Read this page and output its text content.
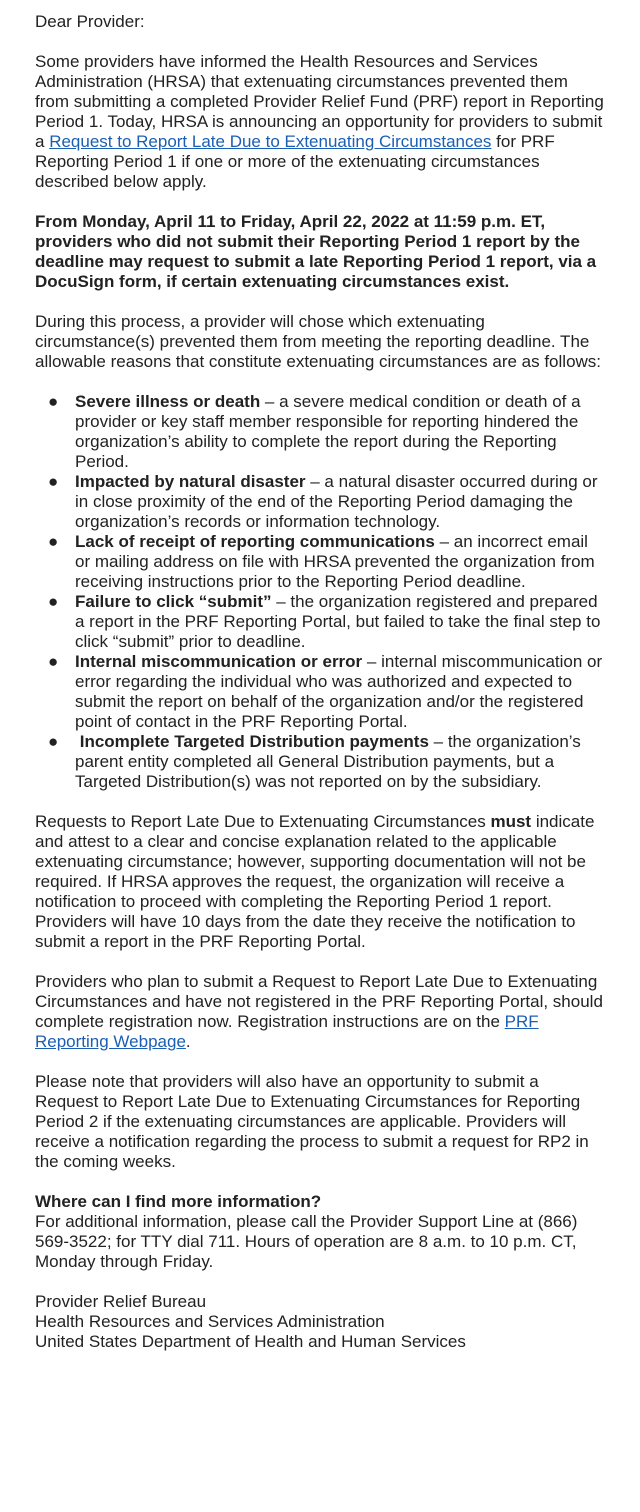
Dear Provider:

Some providers have informed the Health Resources and Services Administration (HRSA) that extenuating circumstances prevented them from submitting a completed Provider Relief Fund (PRF) report in Reporting Period 1. Today, HRSA is announcing an opportunity for providers to submit a Request to Report Late Due to Extenuating Circumstances for PRF Reporting Period 1 if one or more of the extenuating circumstances described below apply.

From Monday, April 11 to Friday, April 22, 2022 at 11:59 p.m. ET, providers who did not submit their Reporting Period 1 report by the deadline may request to submit a late Reporting Period 1 report, via a DocuSign form, if certain extenuating circumstances exist.

During this process, a provider will chose which extenuating circumstance(s) prevented them from meeting the reporting deadline. The allowable reasons that constitute extenuating circumstances are as follows:

● Severe illness or death – a severe medical condition or death of a provider or key staff member responsible for reporting hindered the organization’s ability to complete the report during the Reporting Period.
● Impacted by natural disaster – a natural disaster occurred during or in close proximity of the end of the Reporting Period damaging the organization’s records or information technology.
● Lack of receipt of reporting communications – an incorrect email or mailing address on file with HRSA prevented the organization from receiving instructions prior to the Reporting Period deadline.
● Failure to click “submit” – the organization registered and prepared a report in the PRF Reporting Portal, but failed to take the final step to click “submit” prior to deadline.
● Internal miscommunication or error – internal miscommunication or error regarding the individual who was authorized and expected to submit the report on behalf of the organization and/or the registered point of contact in the PRF Reporting Portal.
● Incomplete Targeted Distribution payments – the organization’s parent entity completed all General Distribution payments, but a Targeted Distribution(s) was not reported on by the subsidiary.

Requests to Report Late Due to Extenuating Circumstances must indicate and attest to a clear and concise explanation related to the applicable extenuating circumstance; however, supporting documentation will not be required. If HRSA approves the request, the organization will receive a notification to proceed with completing the Reporting Period 1 report. Providers will have 10 days from the date they receive the notification to submit a report in the PRF Reporting Portal.

Providers who plan to submit a Request to Report Late Due to Extenuating Circumstances and have not registered in the PRF Reporting Portal, should complete registration now. Registration instructions are on the PRF Reporting Webpage.

Please note that providers will also have an opportunity to submit a Request to Report Late Due to Extenuating Circumstances for Reporting Period 2 if the extenuating circumstances are applicable. Providers will receive a notification regarding the process to submit a request for RP2 in the coming weeks.

Where can I find more information?

For additional information, please call the Provider Support Line at (866) 569-3522; for TTY dial 711. Hours of operation are 8 a.m. to 10 p.m. CT, Monday through Friday.

Provider Relief Bureau

Health Resources and Services Administration

United States Department of Health and Human Services
